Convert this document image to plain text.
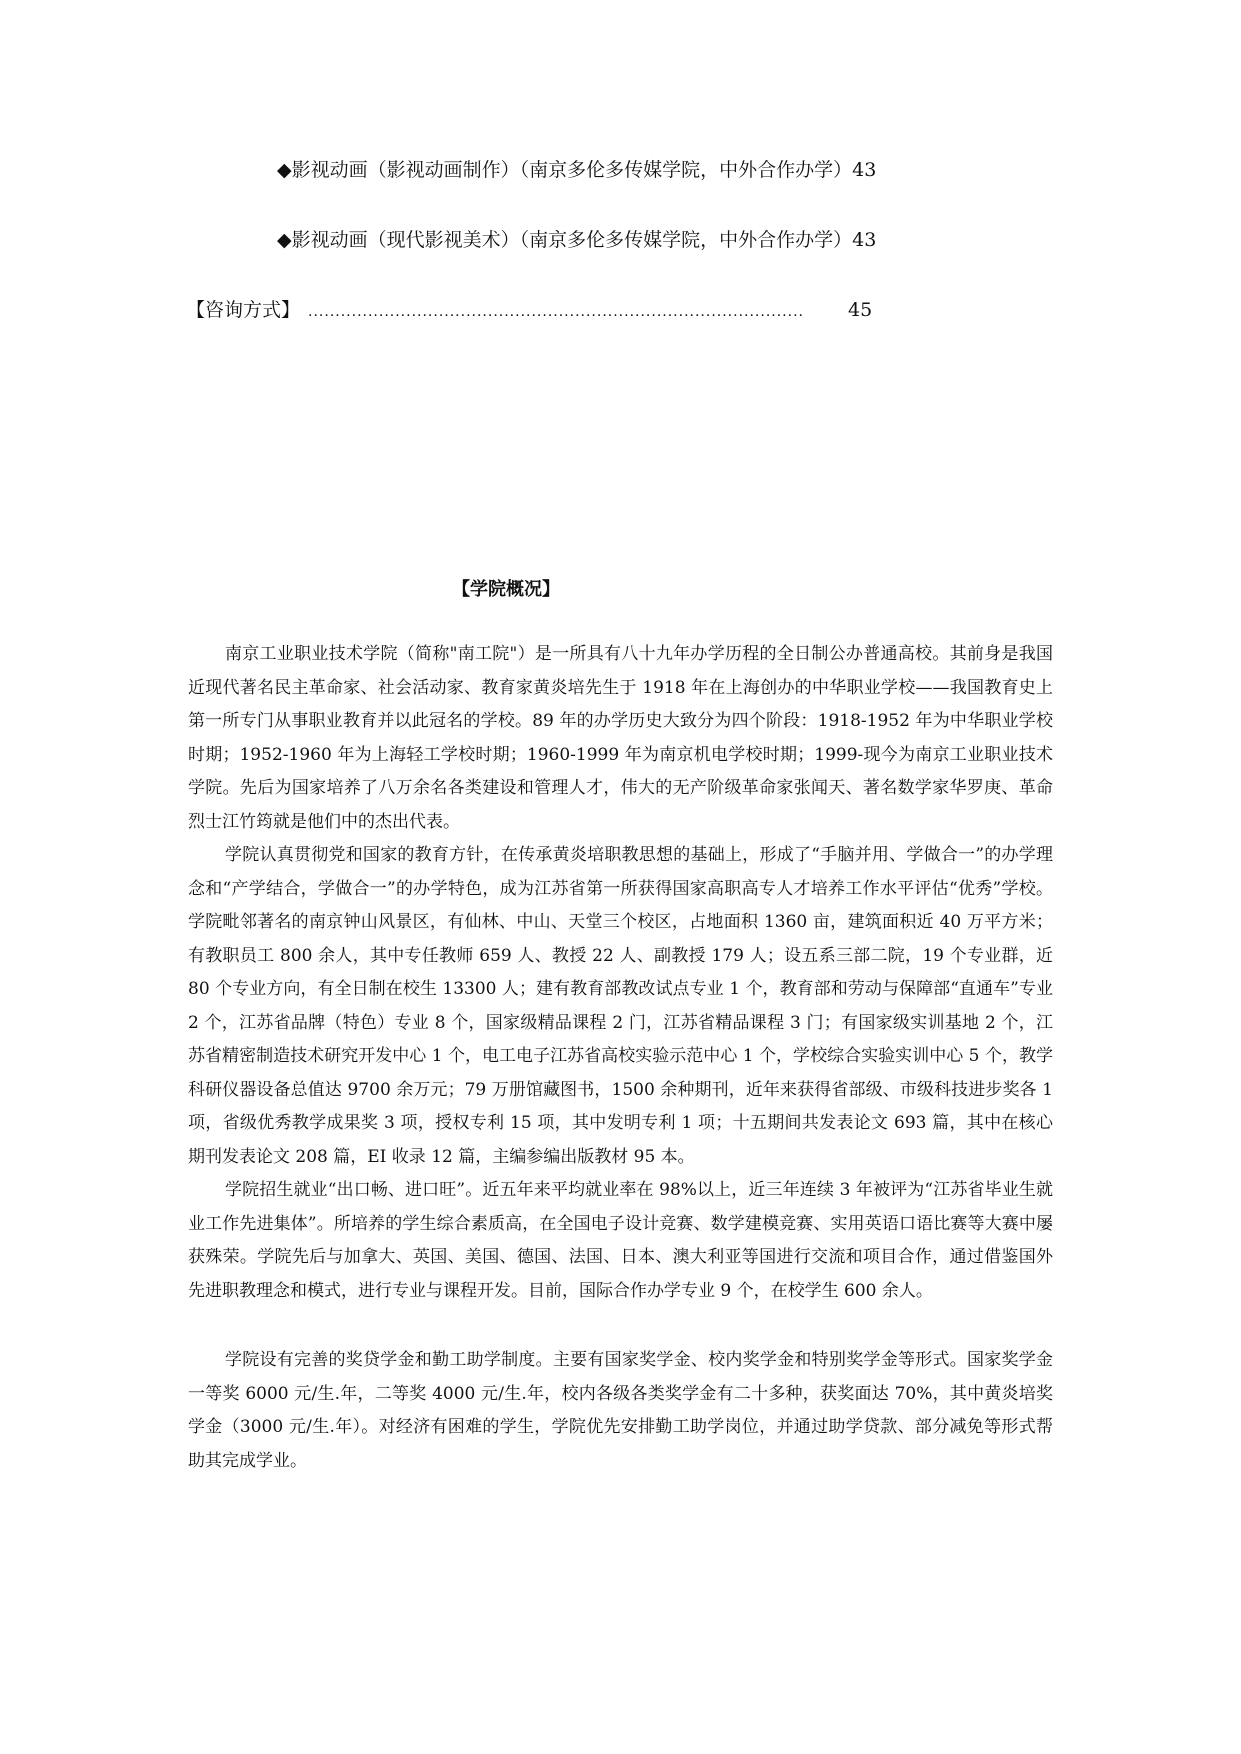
◆影视动画（影视动画制作）（南京多伦多传媒学院，中外合作办学）43
◆影视动画（现代影视美术）（南京多伦多传媒学院，中外合作办学）43
【咨询方式】 ...........................................................................................	45
【学院概况】

南京工业职业技术学院（简称"南工院"）是一所具有八十九年办学历程的全日制公办普通高校。其前身是我国近现代著名民主革命家、社会活动家、教育家黄炎培先生于 1918 年在上海创办的中华职业学校——我国教育史上第一所专门从事职业教育并以此冠名的学校。89 年的办学历史大致分为四个阶段：1918-1952 年为中华职业学校时期；1952-1960 年为上海轻工学校时期；1960-1999 年为南京机电学校时期；1999-现今为南京工业职业技术学院。先后为国家培养了八万余名各类建设和管理人才，伟大的无产阶级革命家张闻天、著名数学家华罗庚、革命烈士江竹筠就是他们中的杰出代表。

学院认真贯彻党和国家的教育方针，在传承黄炎培职教思想的基础上，形成了“手脑并用、学做合一”的办学理念和“产学结合，学做合一”的办学特色，成为江苏省第一所获得国家高职高专人才培养工作水平评估“优秀”学校。学院毗邻著名的南京钟山风景区，有仙林、中山、天堂三个校区，占地面积 1360 亩，建筑面积近 40 万平方米；有教职员工 800 余人，其中专任教师 659 人、教授 22 人、副教授 179 人；设五系三部二院，19 个专业群，近 80 个专业方向，有全日制在校生 13300 人；建有教育部教改试点专业 1 个，教育部和劳动与保障部“直通车”专业 2 个，江苏省品牌（特色）专业 8 个，国家级精品课程 2 门，江苏省精品课程 3 门；有国家级实训基地 2 个，江苏省精密制造技术研究开发中心 1 个，电工电子江苏省高校实验示范中心 1 个，学校综合实验实训中心 5 个，教学科研仪器设备总值达 9700 余万元；79 万册馆藏图书，1500 余种期刊，近年来获得省部级、市级科技进步奖各 1 项，省级优秀教学成果奖 3 项，授权专利 15 项，其中发明专利 1 项；十五期间共发表论文 693 篇，其中在核心期刊发表论文 208 篇，EI 收录 12 篇，主编参编出版教材 95 本。

学院招生就业“出口畅、进口旺”。近五年来平均就业率在 98%以上，近三年连续 3 年被评为“江苏省毕业生就业工作先进集体”。所培养的学生综合素质高，在全国电子设计竞赛、数学建模竞赛、实用英语口语比赛等大赛中屡获殊荣。学院先后与加拿大、英国、美国、德国、法国、日本、澳大利亚等国进行交流和项目合作，通过借鉴国外先进职教理念和模式，进行专业与课程开发。目前，国际合作办学专业 9 个，在校学生 600 余人。

学院设有完善的奖贷学金和勤工助学制度。主要有国家奖学金、校内奖学金和特别奖学金等形式。国家奖学金一等奖 6000 元/生.年，二等奖 4000 元/生.年，校内各级各类奖学金有二十多种，获奖面达 70%，其中黄炎培奖学金（3000 元/生.年）。对经济有困难的学生，学院优先安排勤工助学岗位，并通过助学贷款、部分减免等形式帮助其完成学业。
